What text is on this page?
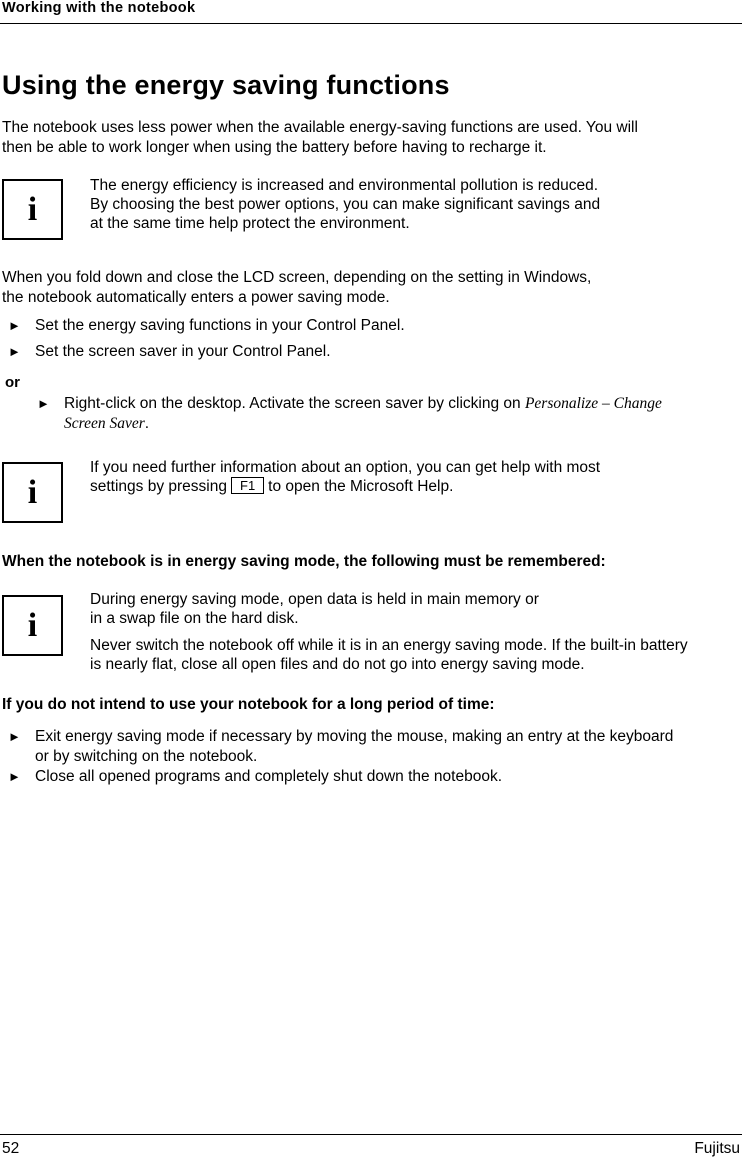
Working with the notebook
Using the energy saving functions
The notebook uses less power when the available energy-saving functions are used. You will
then be able to work longer when using the battery before having to recharge it.
i
The energy efficiency is increased and environmental pollution is reduced.
By choosing the best power options, you can make significant savings and
at the same time help protect the environment.
When you fold down and close the LCD screen, depending on the setting in Windows,
the notebook automatically enters a power saving mode.
► Set the energy saving functions in your Control Panel.
► Set the screen saver in your Control Panel.
or
► Right-click on the desktop. Activate the screen saver by clicking on Personalize – Change
Screen Saver.
i
If you need further information about an option, you can get help with most
settings by pressing F1 to open the Microsoft Help.
When the notebook is in energy saving mode, the following must be remembered:
i
During energy saving mode, open data is held in main memory or
in a swap file on the hard disk.
Never switch the notebook off while it is in an energy saving mode. If the built-in battery
is nearly flat, close all open files and do not go into energy saving mode.
If you do not intend to use your notebook for a long period of time:
► Exit energy saving mode if necessary by moving the mouse, making an entry at the keyboard
or by switching on the notebook.
► Close all opened programs and completely shut down the notebook.
52	Fujitsu
